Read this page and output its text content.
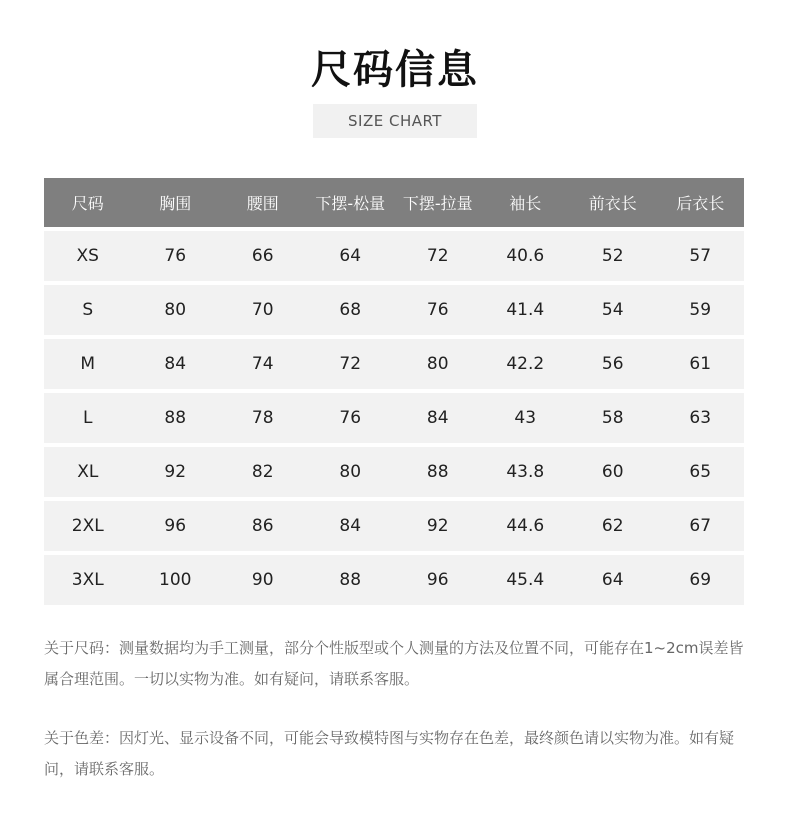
尺码信息
SIZE CHART
尺码	胸围	腰围	下摆-松量	下摆-拉量	袖长	前衣长	后衣长
XS	76	66	64	72	40.6	52	57
S	80	70	68	76	41.4	54	59
M	84	74	72	80	42.2	56	61
L	88	78	76	84	43	58	63
XL	92	82	80	88	43.8	60	65
2XL	96	86	84	92	44.6	62	67
3XL	100	90	88	96	45.4	64	69
关于尺码：测量数据均为手工测量，部分个性版型或个人测量的方法及位置不同，可能存在1~2cm误差皆属合理范围。一切以实物为准。如有疑问，请联系客服。
关于色差：因灯光、显示设备不同，可能会导致模特图与实物存在色差，最终颜色请以实物为准。如有疑问，请联系客服。
